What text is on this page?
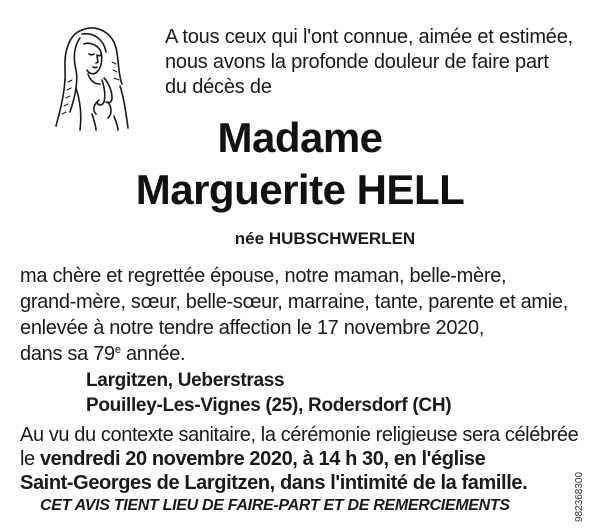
A tous ceux qui l'ont connue, aimée et estimée,
nous avons la profonde douleur de faire part
du décès de
Madame
Marguerite HELL
née HUBSCHWERLEN
ma chère et regrettée épouse, notre maman, belle-mère,
grand-mère, sœur, belle-sœur, marraine, tante, parente et amie,
enlevée à notre tendre affection le 17 novembre 2020,
dans sa 79e année.
Largitzen, Ueberstrass
Pouilley-Les-Vignes (25), Rodersdorf (CH)
Au vu du contexte sanitaire, la cérémonie religieuse sera célébrée
le vendredi 20 novembre 2020, à 14 h 30, en l'église
Saint-Georges de Largitzen, dans l'intimité de la famille.
CET AVIS TIENT LIEU DE FAIRE-PART ET DE REMERCIEMENTS	982368300
